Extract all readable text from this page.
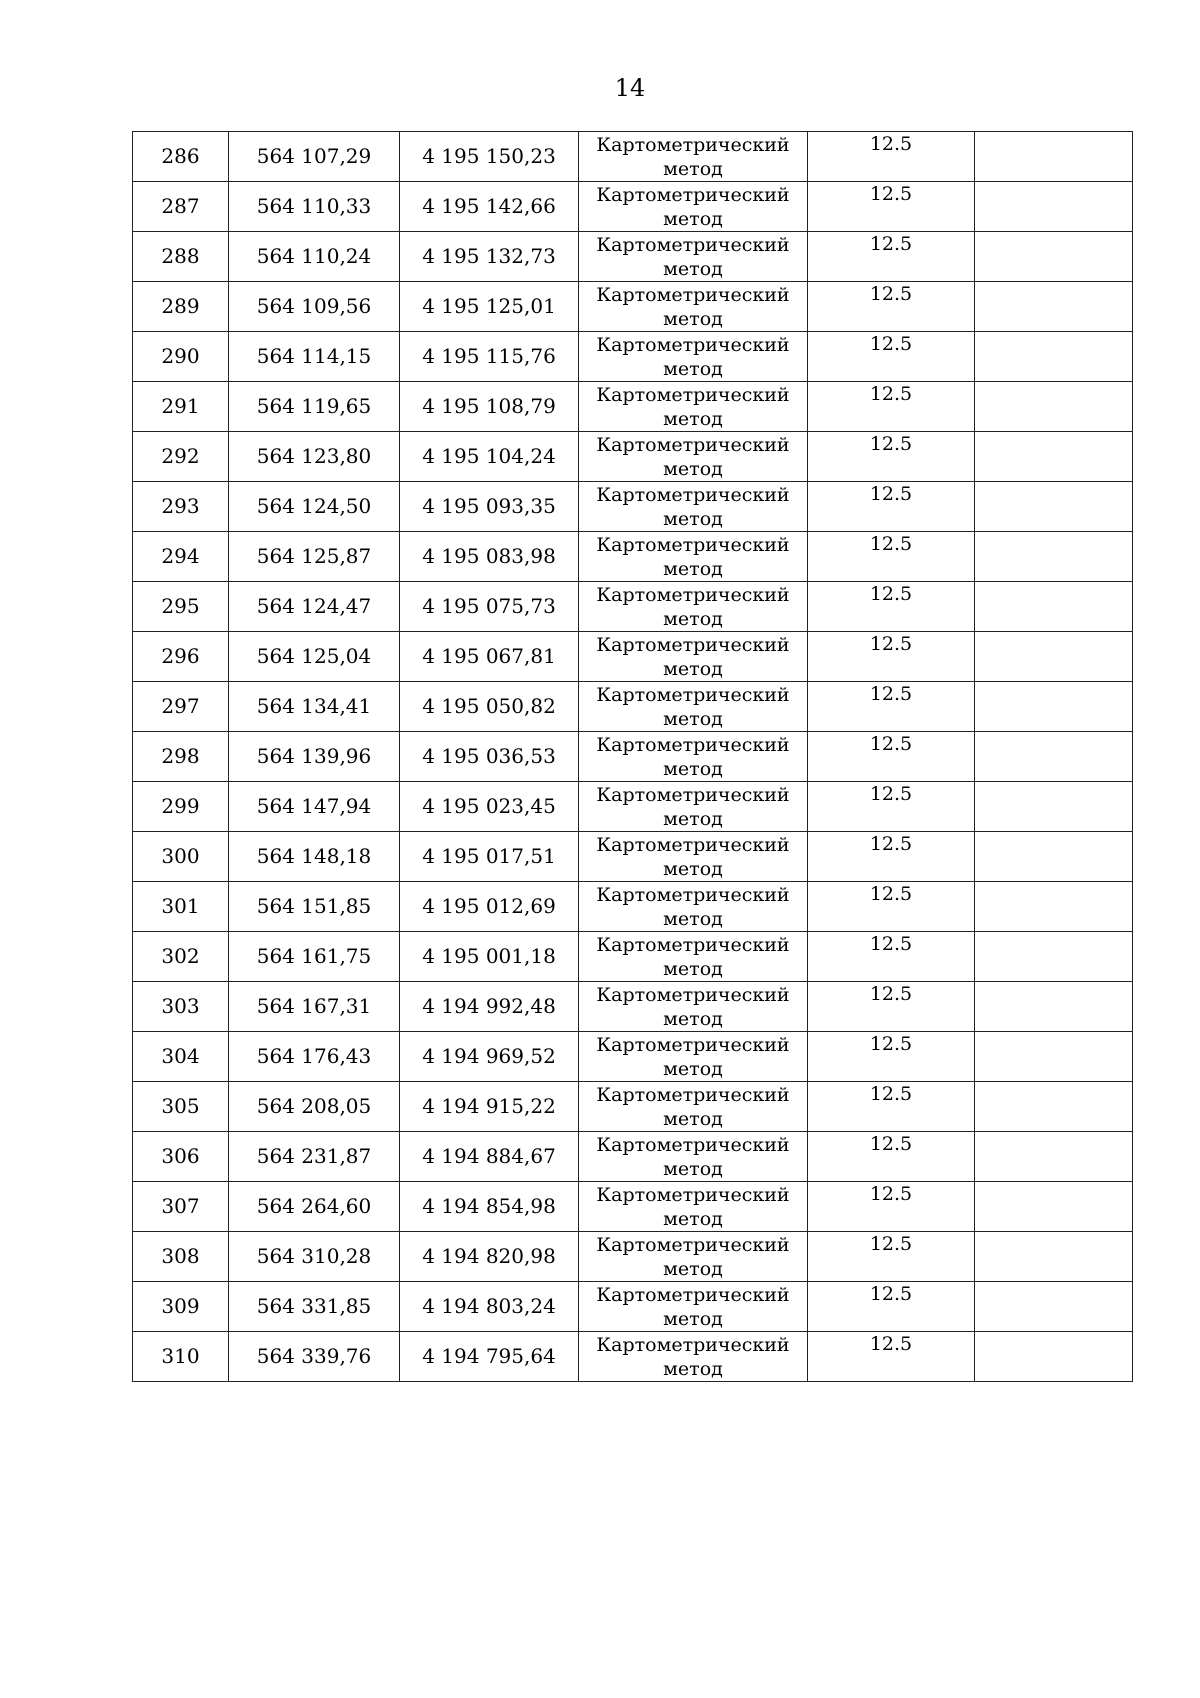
14
286	564 107,29	4 195 150,23	Картометрический метод	12.5	
287	564 110,33	4 195 142,66	Картометрический метод	12.5	
288	564 110,24	4 195 132,73	Картометрический метод	12.5	
289	564 109,56	4 195 125,01	Картометрический метод	12.5	
290	564 114,15	4 195 115,76	Картометрический метод	12.5	
291	564 119,65	4 195 108,79	Картометрический метод	12.5	
292	564 123,80	4 195 104,24	Картометрический метод	12.5	
293	564 124,50	4 195 093,35	Картометрический метод	12.5	
294	564 125,87	4 195 083,98	Картометрический метод	12.5	
295	564 124,47	4 195 075,73	Картометрический метод	12.5	
296	564 125,04	4 195 067,81	Картометрический метод	12.5	
297	564 134,41	4 195 050,82	Картометрический метод	12.5	
298	564 139,96	4 195 036,53	Картометрический метод	12.5	
299	564 147,94	4 195 023,45	Картометрический метод	12.5	
300	564 148,18	4 195 017,51	Картометрический метод	12.5	
301	564 151,85	4 195 012,69	Картометрический метод	12.5	
302	564 161,75	4 195 001,18	Картометрический метод	12.5	
303	564 167,31	4 194 992,48	Картометрический метод	12.5	
304	564 176,43	4 194 969,52	Картометрический метод	12.5	
305	564 208,05	4 194 915,22	Картометрический метод	12.5	
306	564 231,87	4 194 884,67	Картометрический метод	12.5	
307	564 264,60	4 194 854,98	Картометрический метод	12.5	
308	564 310,28	4 194 820,98	Картометрический метод	12.5	
309	564 331,85	4 194 803,24	Картометрический метод	12.5	
310	564 339,76	4 194 795,64	Картометрический метод	12.5	
